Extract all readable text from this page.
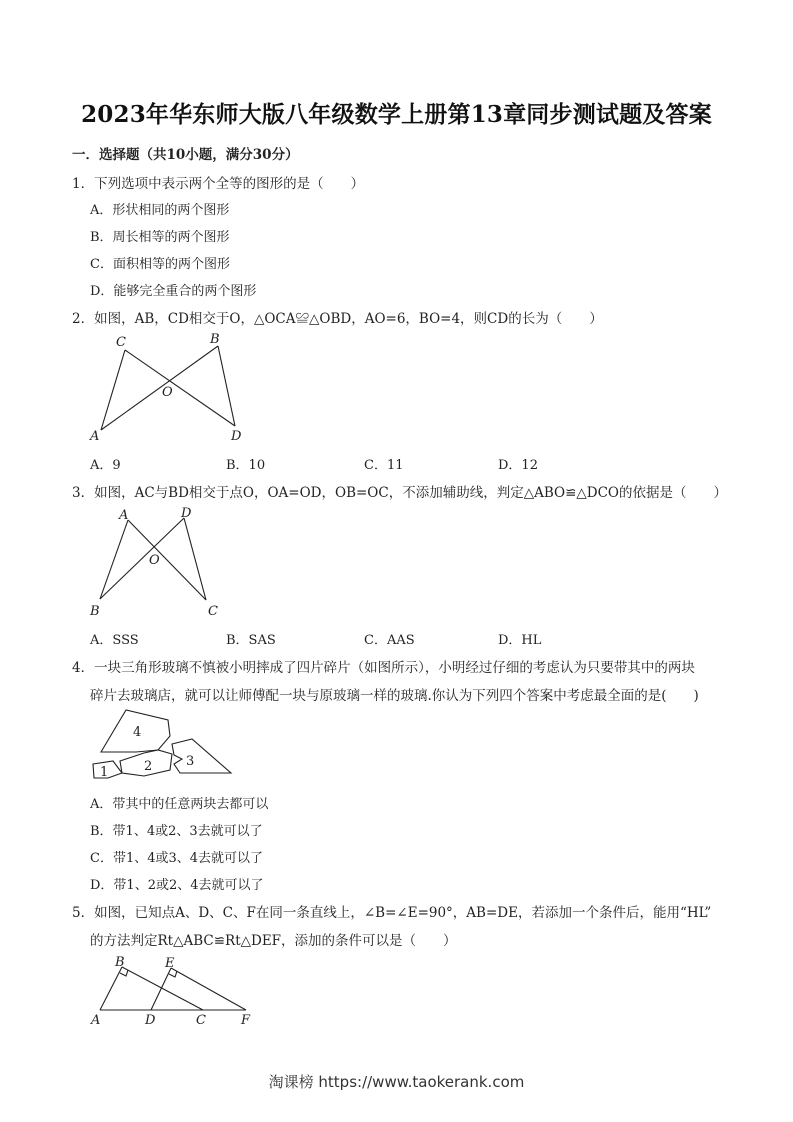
2023年华东师大版八年级数学上册第13章同步测试题及答案
一．选择题（共10小题，满分30分）
1．下列选项中表示两个全等的图形的是（　　）
A．形状相同的两个图形
B．周长相等的两个图形
C．面积相等的两个图形
D．能够完全重合的两个图形
2．如图，AB，CD相交于O，△OCA≌△OBD，AO=6，BO=4，则CD的长为（　　）
C	B
O
A	D
A．9	B．10	C．11	D．12
3．如图，AC与BD相交于点O，OA=OD，OB=OC，不添加辅助线，判定△ABO≌△DCO的依据是（　　）
A	D
O
B	C
A．SSS	B．SAS	C．AAS	D．HL
4．一块三角形玻璃不慎被小明摔成了四片碎片（如图所示），小明经过仔细的考虑认为只要带其中的两块
碎片去玻璃店，就可以让师傅配一块与原玻璃一样的玻璃.你认为下列四个答案中考虑最全面的是(　　)
4
2	3
1
A．带其中的任意两块去都可以
B．带1、4或2、3去就可以了
C．带1、4或3、4去就可以了
D．带1、2或2、4去就可以了
5．如图，已知点A、D、C、F在同一条直线上，∠B=∠E=90°，AB=DE，若添加一个条件后，能用“HL”
的方法判定Rt△ABC≌Rt△DEF，添加的条件可以是（　　）
B	E
A	D	C	F
淘课榜 https://www.taokerank.com
